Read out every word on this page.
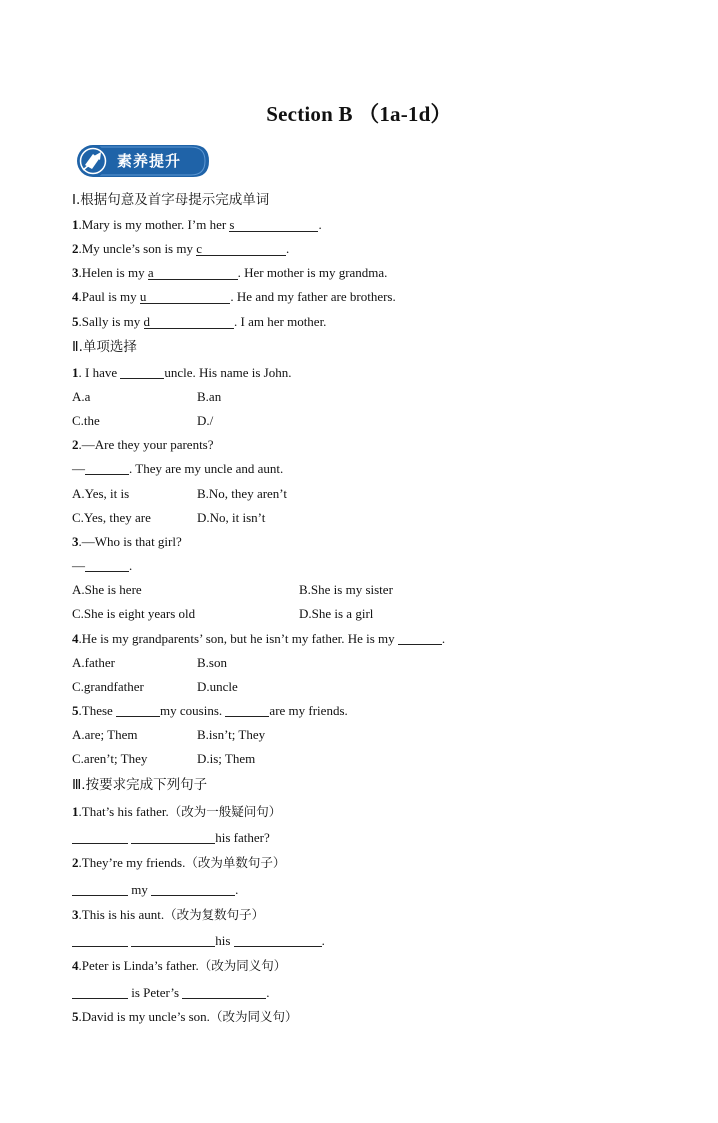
Section B （1a-1d）
素养提升
Ⅰ.根据句意及首字母提示完成单词
1.Mary is my mother. I’m her s	.
2.My uncle’s son is my c	.
3.Helen is my a	. Her mother is my grandma.
4.Paul is my u	. He and my father are brothers.
5.Sally is my d	. I am her mother.
Ⅱ.单项选择
1. I have	uncle. His name is John.
A.a	B.an
C.the	D./
2.—Are they your parents?
—	. They are my uncle and aunt.
A.Yes, it is	B.No, they aren’t
C.Yes, they are	D.No, it isn’t
3.—Who is that girl?
—	.
A.She is here	B.She is my sister
C.She is eight years old	D.She is a girl
4.He is my grandparents’ son, but he isn’t my father. He is my	.
A.father	B.son
C.grandfather	D.uncle
5.These	my cousins.	are my friends.
A.are; Them	B.isn’t; They
C.aren’t; They	D.is; Them
Ⅲ.按要求完成下列句子
1.That’s his father.（改为一般疑问句）
his father?
2.They’re my friends.（改为单数句子）
my	.
3.This is his aunt.（改为复数句子）
his	.
4.Peter is Linda’s father.（改为同义句）
is Peter’s	.
5.David is my uncle’s son.（改为同义句）
